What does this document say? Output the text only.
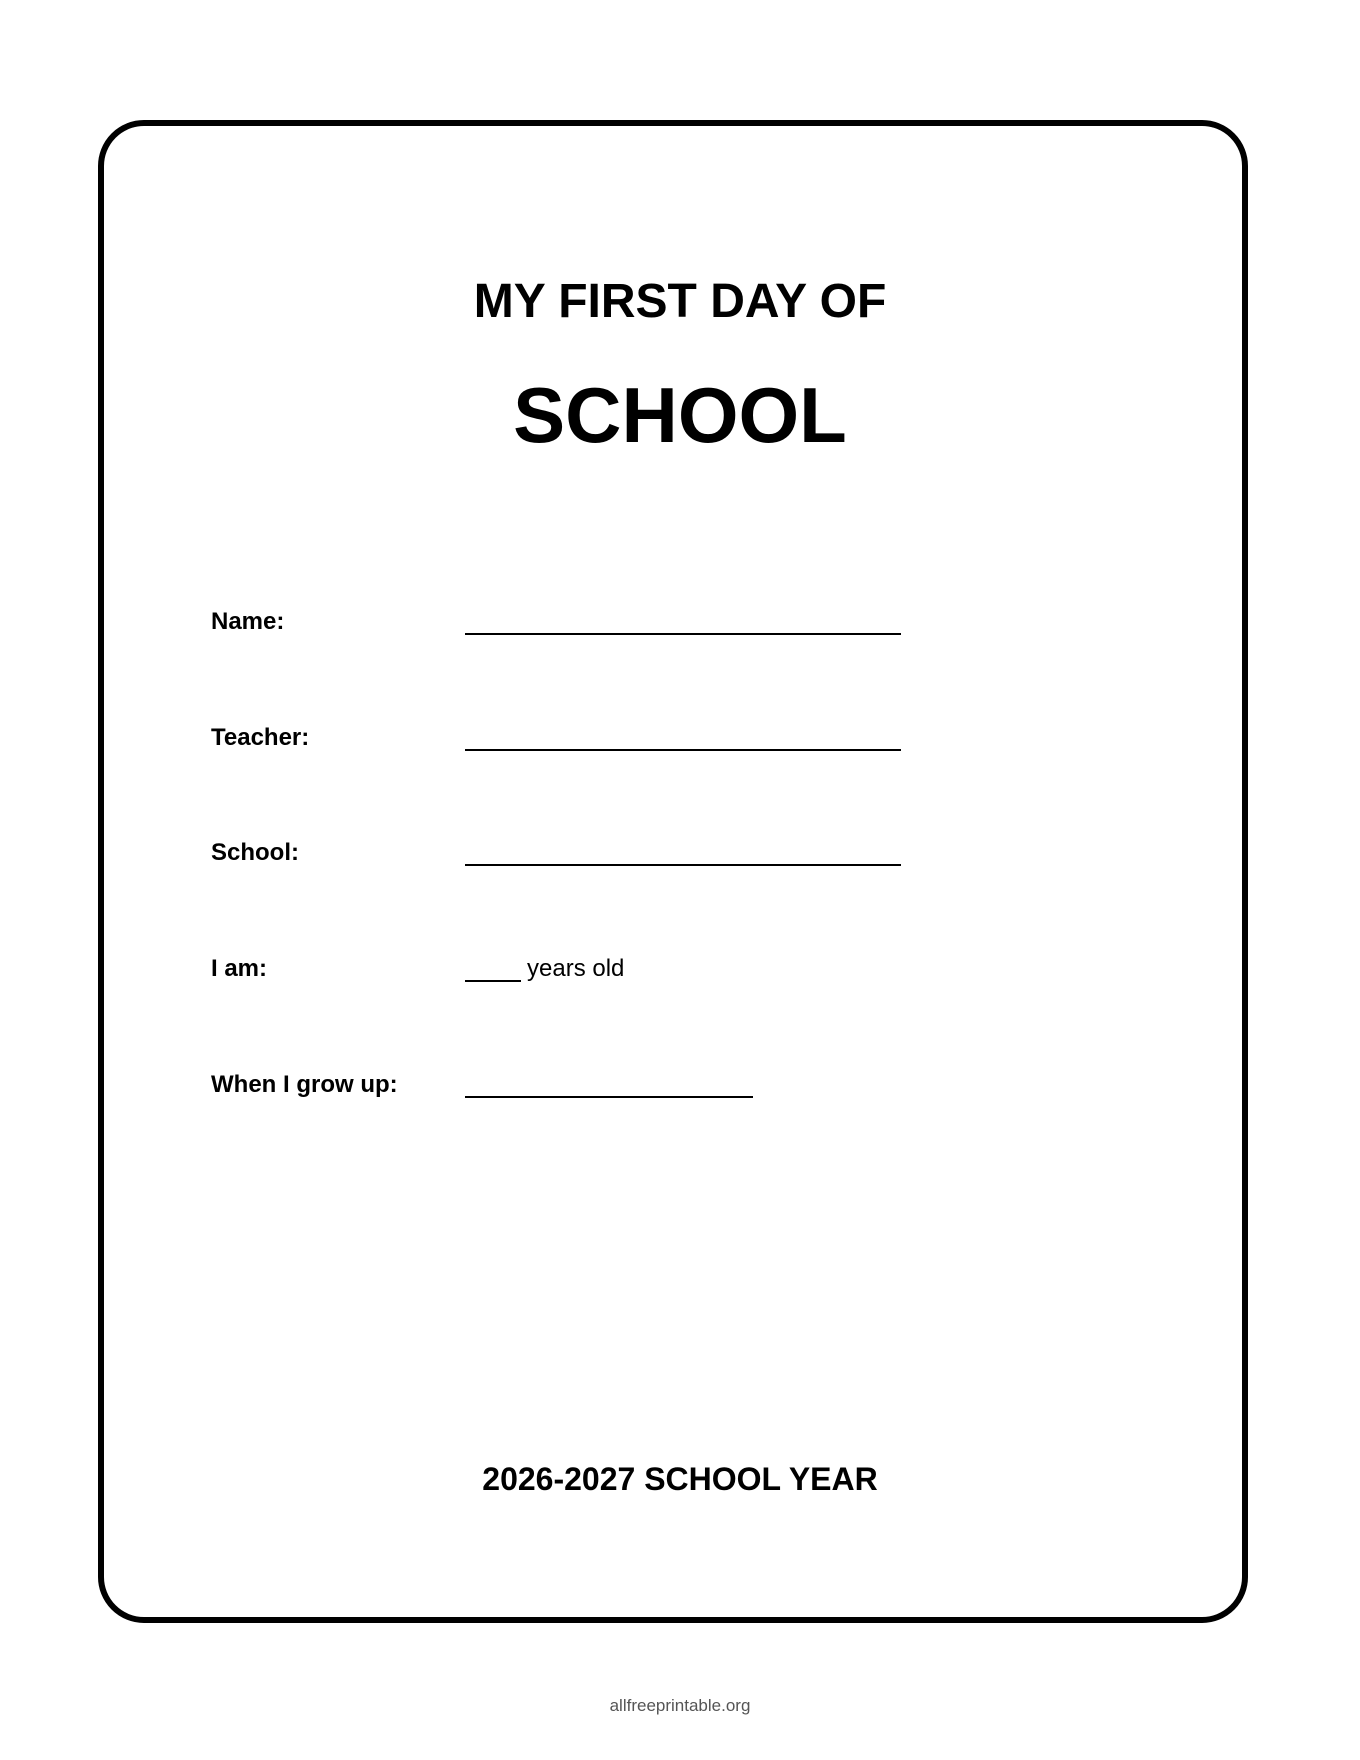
MY FIRST DAY OF
SCHOOL
Name:
Teacher:
School:
I am:	years old
When I grow up:
2026-2027 SCHOOL YEAR
allfreeprintable.org
